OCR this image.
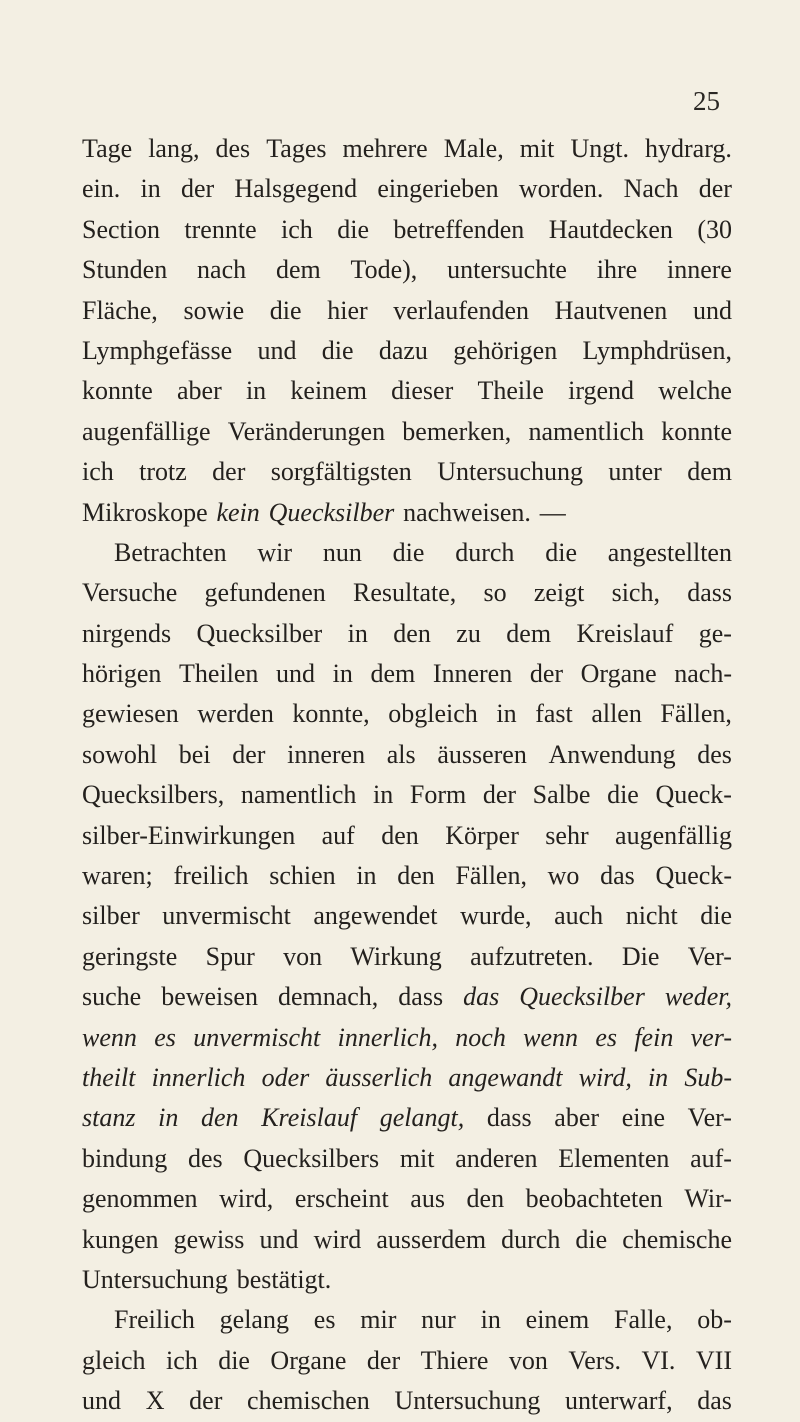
25
Tage lang, des Tages mehrere Male, mit Ungt. hydrarg.
ein. in der Halsgegend eingerieben worden. Nach der
Section trennte ich die betreffenden Hautdecken (30
Stunden nach dem Tode), untersuchte ihre innere
Fläche, sowie die hier verlaufenden Hautvenen und
Lymphgefässe und die dazu gehörigen Lymphdrüsen,
konnte aber in keinem dieser Theile irgend welche
augenfällige Veränderungen bemerken, namentlich konnte
ich trotz der sorgfältigsten Untersuchung unter dem
Mikroskope kein Quecksilber nachweisen. —
Betrachten wir nun die durch die angestellten
Versuche gefundenen Resultate, so zeigt sich, dass
nirgends Quecksilber in den zu dem Kreislauf ge-
hörigen Theilen und in dem Inneren der Organe nach-
gewiesen werden konnte, obgleich in fast allen Fällen,
sowohl bei der inneren als äusseren Anwendung des
Quecksilbers, namentlich in Form der Salbe die Queck-
silber-Einwirkungen auf den Körper sehr augenfällig
waren; freilich schien in den Fällen, wo das Queck-
silber unvermischt angewendet wurde, auch nicht die
geringste Spur von Wirkung aufzutreten. Die Ver-
suche beweisen demnach, dass das Quecksilber weder,
wenn es unvermischt innerlich, noch wenn es fein ver-
theilt innerlich oder äusserlich angewandt wird, in Sub-
stanz in den Kreislauf gelangt, dass aber eine Ver-
bindung des Quecksilbers mit anderen Elementen auf-
genommen wird, erscheint aus den beobachteten Wir-
kungen gewiss und wird ausserdem durch die chemische
Untersuchung bestätigt.
Freilich gelang es mir nur in einem Falle, ob-
gleich ich die Organe der Thiere von Vers. VI. VII
und X der chemischen Untersuchung unterwarf, das
